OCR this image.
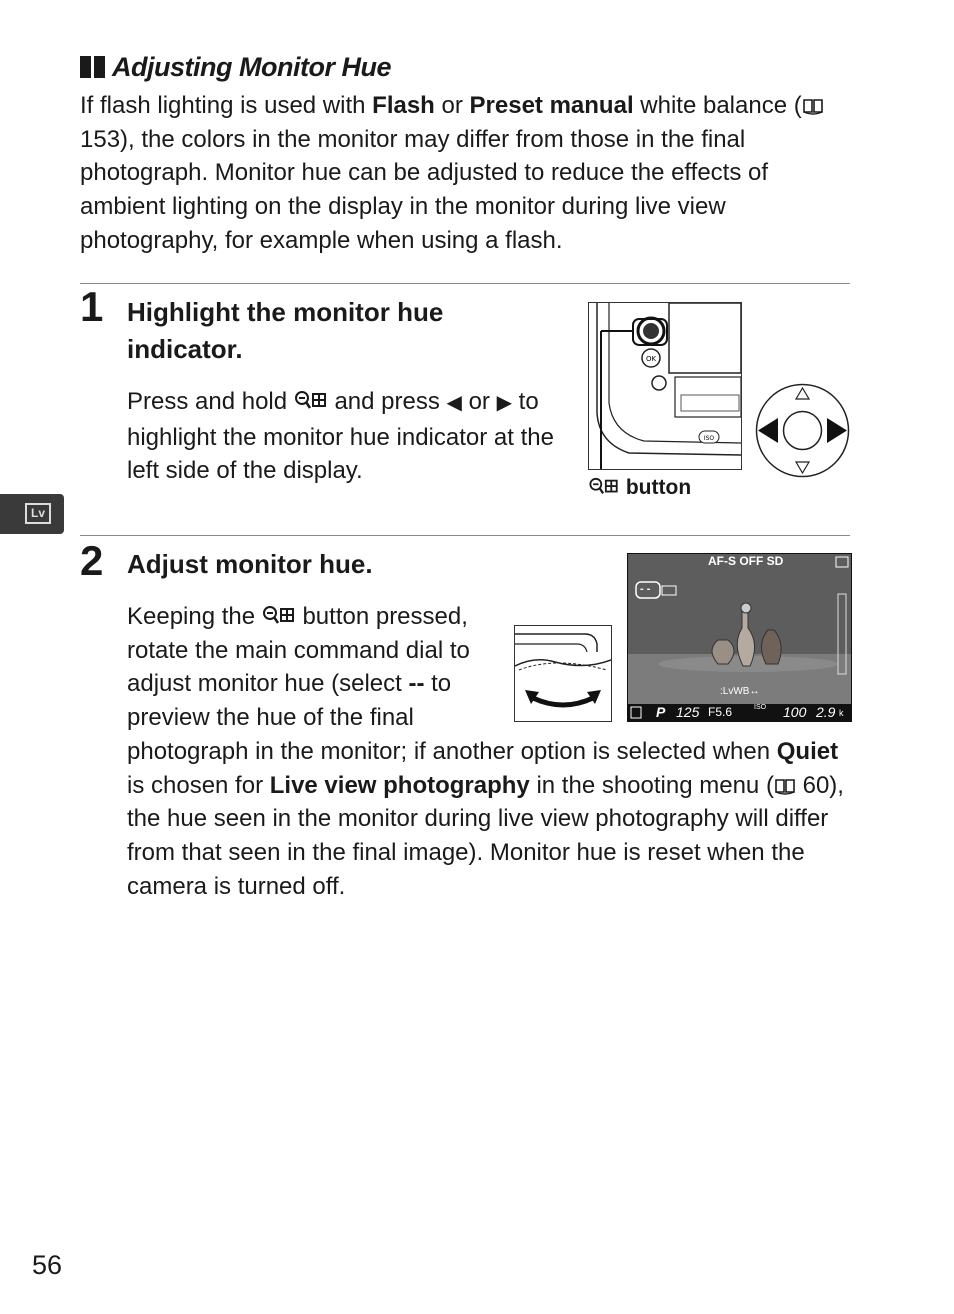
Adjusting Monitor Hue
If flash lighting is used with Flash or Preset manual white balance ( 153), the colors in the monitor may differ from those in the final photograph. Monitor hue can be adjusted to reduce the effects of ambient lighting on the display in the monitor during live view photography, for example when using a flash.
1 Highlight the monitor hue indicator.
Press and hold  and press ◀ or ▶ to highlight the monitor hue indicator at the left side of the display.
OK
ISO
button
2 Adjust monitor hue.
Keeping the  button pressed, rotate the main command dial to adjust monitor hue (select -- to preview the hue of the final photograph in the monitor; if another option is selected when Quiet is chosen for Live view photography in the shooting menu ( 60), the hue seen in the monitor during live view photography will differ from that seen in the final image). Monitor hue is reset when the camera is turned off.
AF-S OFF SD
- -
:LvWB↔
P 125 F5.6	ISO 100 2.9 k
Lv
56
